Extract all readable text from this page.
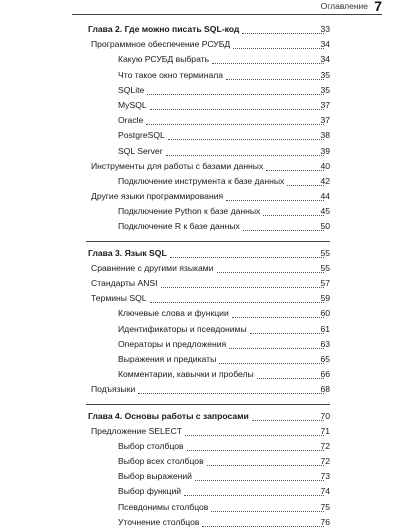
Оглавление 7
Глава 2. Где можно писать SQL-код	33
Программное обеспечение РСУБД	34
Какую РСУБД выбрать	34
Что такое окно терминала	35
SQLite	35
MySQL	37
Oracle	37
PostgreSQL	38
SQL Server	39
Инструменты для работы с базами данных	40
Подключение инструмента к базе данных	42
Другие языки программирования	44
Подключение Python к базе данных	45
Подключение R к базе данных	50
Глава 3. Язык SQL	55
Сравнение с другими языками	55
Стандарты ANSI	57
Термины SQL	59
Ключевые слова и функции	60
Идентификаторы и псевдонимы	61
Операторы и предложения	63
Выражения и предикаты	65
Комментарии, кавычки и пробелы	66
Подъязыки	68
Глава 4. Основы работы с запросами	70
Предложение SELECT	71
Выбор столбцов	72
Выбор всех столбцов	72
Выбор выражений	73
Выбор функций	74
Псевдонимы столбцов	75
Уточнение столбцов	76
